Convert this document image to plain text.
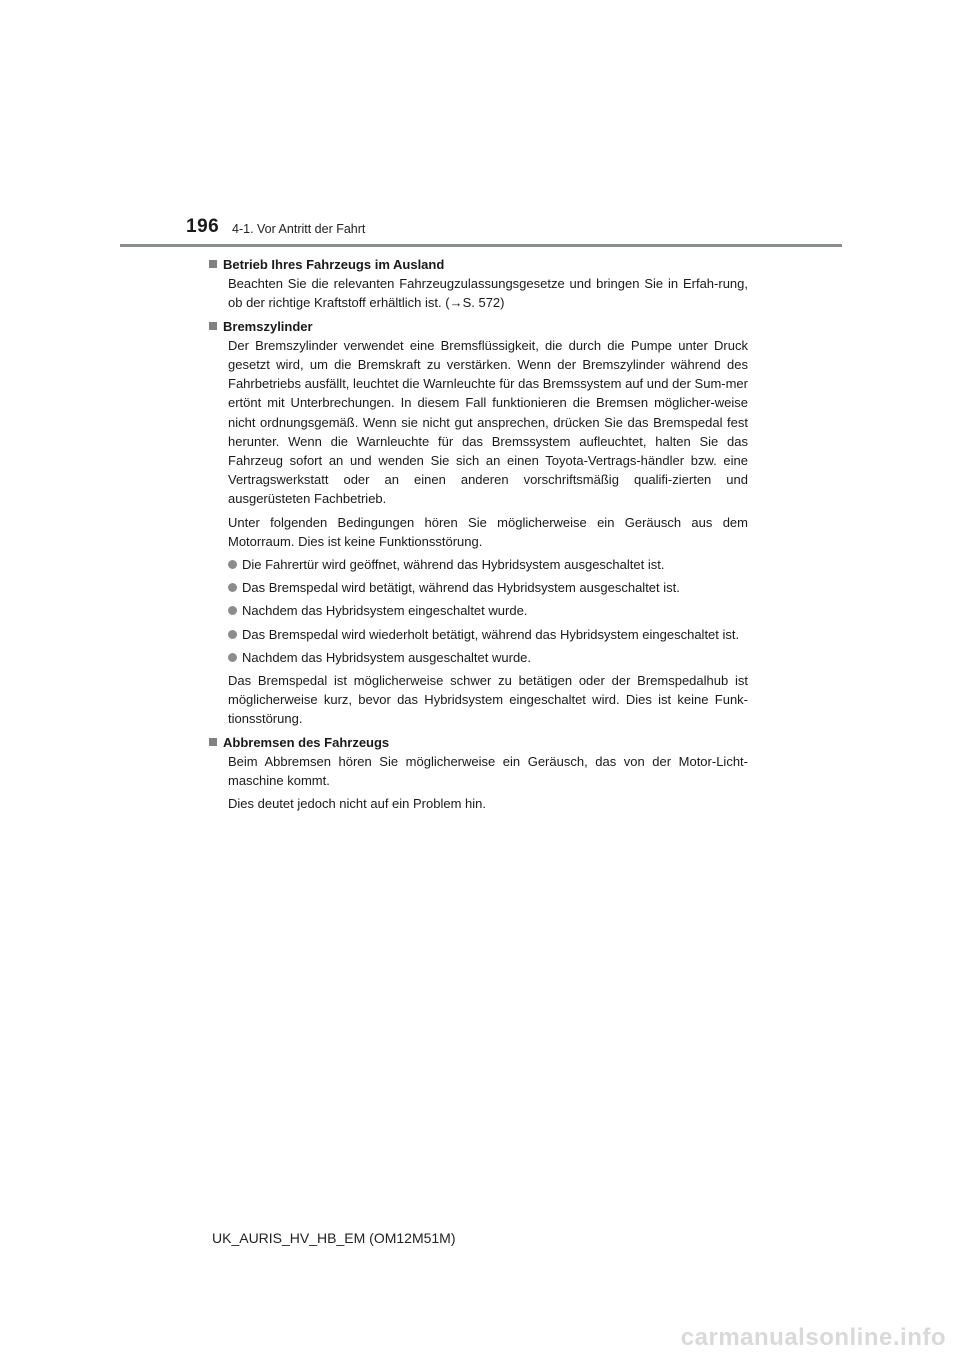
196 4-1. Vor Antritt der Fahrt
Betrieb Ihres Fahrzeugs im Ausland

Beachten Sie die relevanten Fahrzeugzulassungsgesetze und bringen Sie in Erfah-rung, ob der richtige Kraftstoff erhältlich ist. (→S. 572)

Bremszylinder

Der Bremszylinder verwendet eine Bremsflüssigkeit, die durch die Pumpe unter Druck gesetzt wird, um die Bremskraft zu verstärken. Wenn der Bremszylinder während des Fahrbetriebs ausfällt, leuchtet die Warnleuchte für das Bremssystem auf und der Sum-mer ertönt mit Unterbrechungen. In diesem Fall funktionieren die Bremsen möglicher-weise nicht ordnungsgemäß. Wenn sie nicht gut ansprechen, drücken Sie das Bremspedal fest herunter. Wenn die Warnleuchte für das Bremssystem aufleuchtet, halten Sie das Fahrzeug sofort an und wenden Sie sich an einen Toyota-Vertrags-händler bzw. eine Vertragswerkstatt oder an einen anderen vorschriftsmäßig qualifi-zierten und ausgerüsteten Fachbetrieb.

Unter folgenden Bedingungen hören Sie möglicherweise ein Geräusch aus dem Motorraum. Dies ist keine Funktionsstörung.

Die Fahrertür wird geöffnet, während das Hybridsystem ausgeschaltet ist.
Das Bremspedal wird betätigt, während das Hybridsystem ausgeschaltet ist.
Nachdem das Hybridsystem eingeschaltet wurde.
Das Bremspedal wird wiederholt betätigt, während das Hybridsystem eingeschaltet ist.
Nachdem das Hybridsystem ausgeschaltet wurde.

Das Bremspedal ist möglicherweise schwer zu betätigen oder der Bremspedalhub ist möglicherweise kurz, bevor das Hybridsystem eingeschaltet wird. Dies ist keine Funk-tionsstörung.

Abbremsen des Fahrzeugs

Beim Abbremsen hören Sie möglicherweise ein Geräusch, das von der Motor-Licht-maschine kommt.

Dies deutet jedoch nicht auf ein Problem hin.

UK_AURIS_HV_HB_EM (OM12M51M)
carmanualsonline.info
